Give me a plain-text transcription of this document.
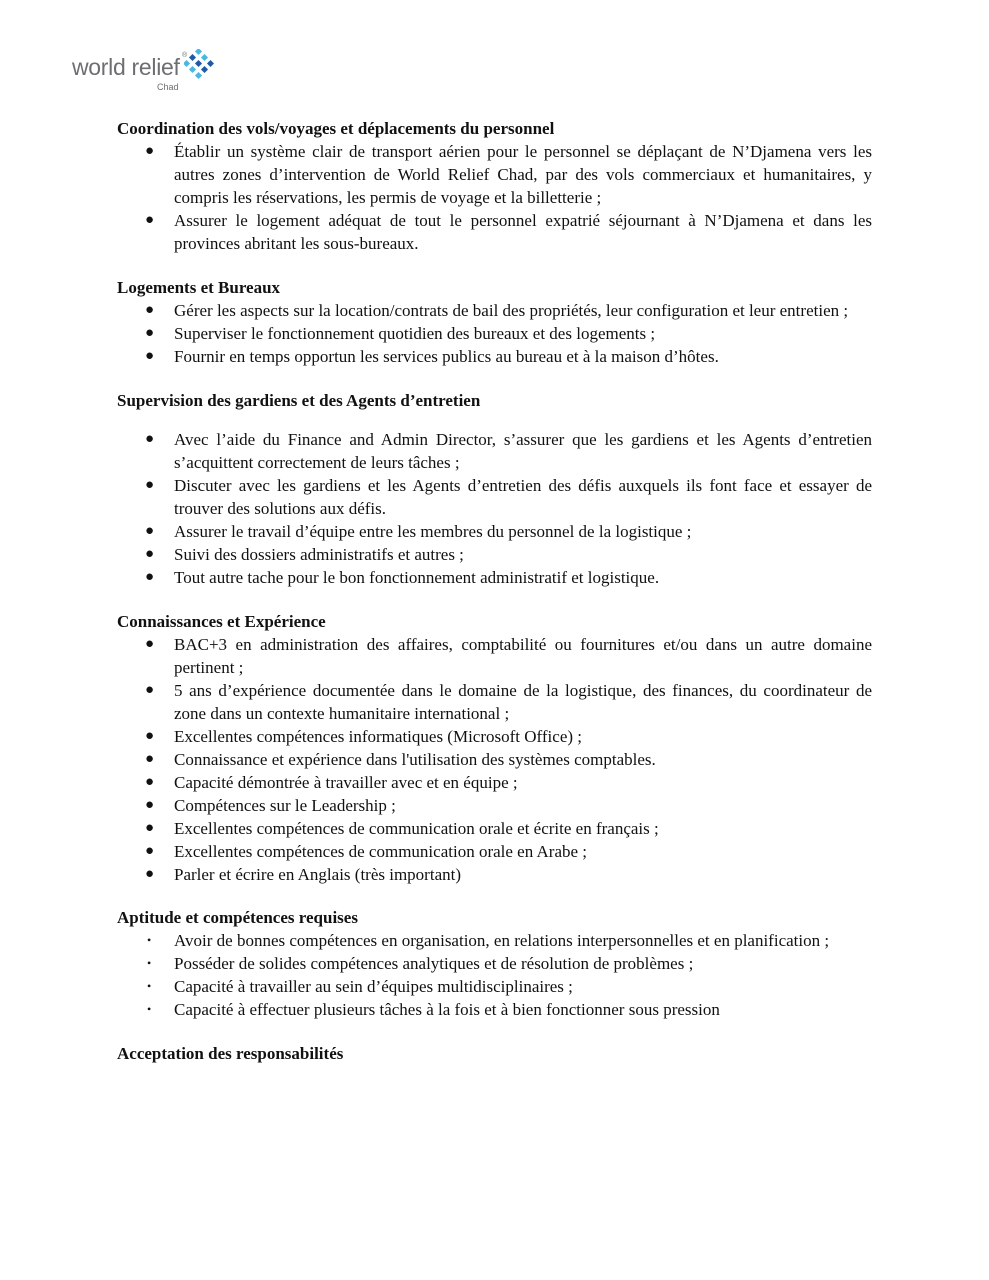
world relief ®
Chad

Coordination des vols/voyages et déplacements du personnel

● Établir un système clair de transport aérien pour le personnel se déplaçant de N’Djamena vers les autres zones d’intervention de World Relief Chad, par des vols commerciaux et humanitaires, y compris les réservations, les permis de voyage et la billetterie ;
● Assurer le logement adéquat de tout le personnel expatrié séjournant à N’Djamena et dans les provinces abritant les sous-bureaux.

Logements et Bureaux

● Gérer les aspects sur la location/contrats de bail des propriétés, leur configuration et leur entretien ;
● Superviser le fonctionnement quotidien des bureaux et des logements ;
● Fournir en temps opportun les services publics au bureau et à la maison d’hôtes.

Supervision des gardiens et des Agents d’entretien

● Avec l’aide du Finance and Admin Director, s’assurer que les gardiens et les Agents d’entretien s’acquittent correctement de leurs tâches ;
● Discuter avec les gardiens et les Agents d’entretien des défis auxquels ils font face et essayer de trouver des solutions aux défis.
● Assurer le travail d’équipe entre les membres du personnel de la logistique ;
● Suivi des dossiers administratifs et autres ;
● Tout autre tache pour le bon fonctionnement administratif et logistique.

Connaissances et Expérience

● BAC+3 en administration des affaires, comptabilité ou fournitures et/ou dans un autre domaine pertinent ;
● 5 ans d’expérience documentée dans le domaine de la logistique, des finances, du coordinateur de zone dans un contexte humanitaire international ;
● Excellentes compétences informatiques (Microsoft Office) ;
● Connaissance et expérience dans l'utilisation des systèmes comptables.
● Capacité démontrée à travailler avec et en équipe ;
● Compétences sur le Leadership ;
● Excellentes compétences de communication orale et écrite en français ;
● Excellentes compétences de communication orale en Arabe ;
● Parler et écrire en Anglais (très important)

Aptitude et compétences requises

• Avoir de bonnes compétences en organisation, en relations interpersonnelles et en planification ;
• Posséder de solides compétences analytiques et de résolution de problèmes ;
• Capacité à travailler au sein d’équipes multidisciplinaires ;
• Capacité à effectuer plusieurs tâches à la fois et à bien fonctionner sous pression

Acceptation des responsabilités
